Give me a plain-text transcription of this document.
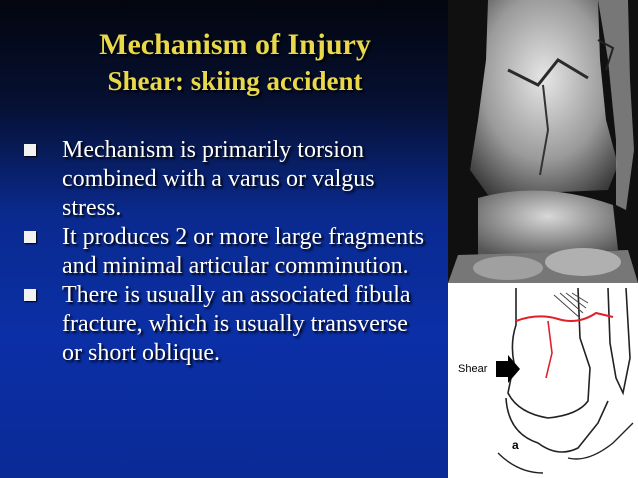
Mechanism of Injury
Shear: skiing accident
Mechanism is primarily torsion combined with a varus or valgus stress.
It produces 2 or more large fragments and minimal articular comminution.
There is usually an associated fibula fracture, which is usually transverse or short oblique.
Shear
a
